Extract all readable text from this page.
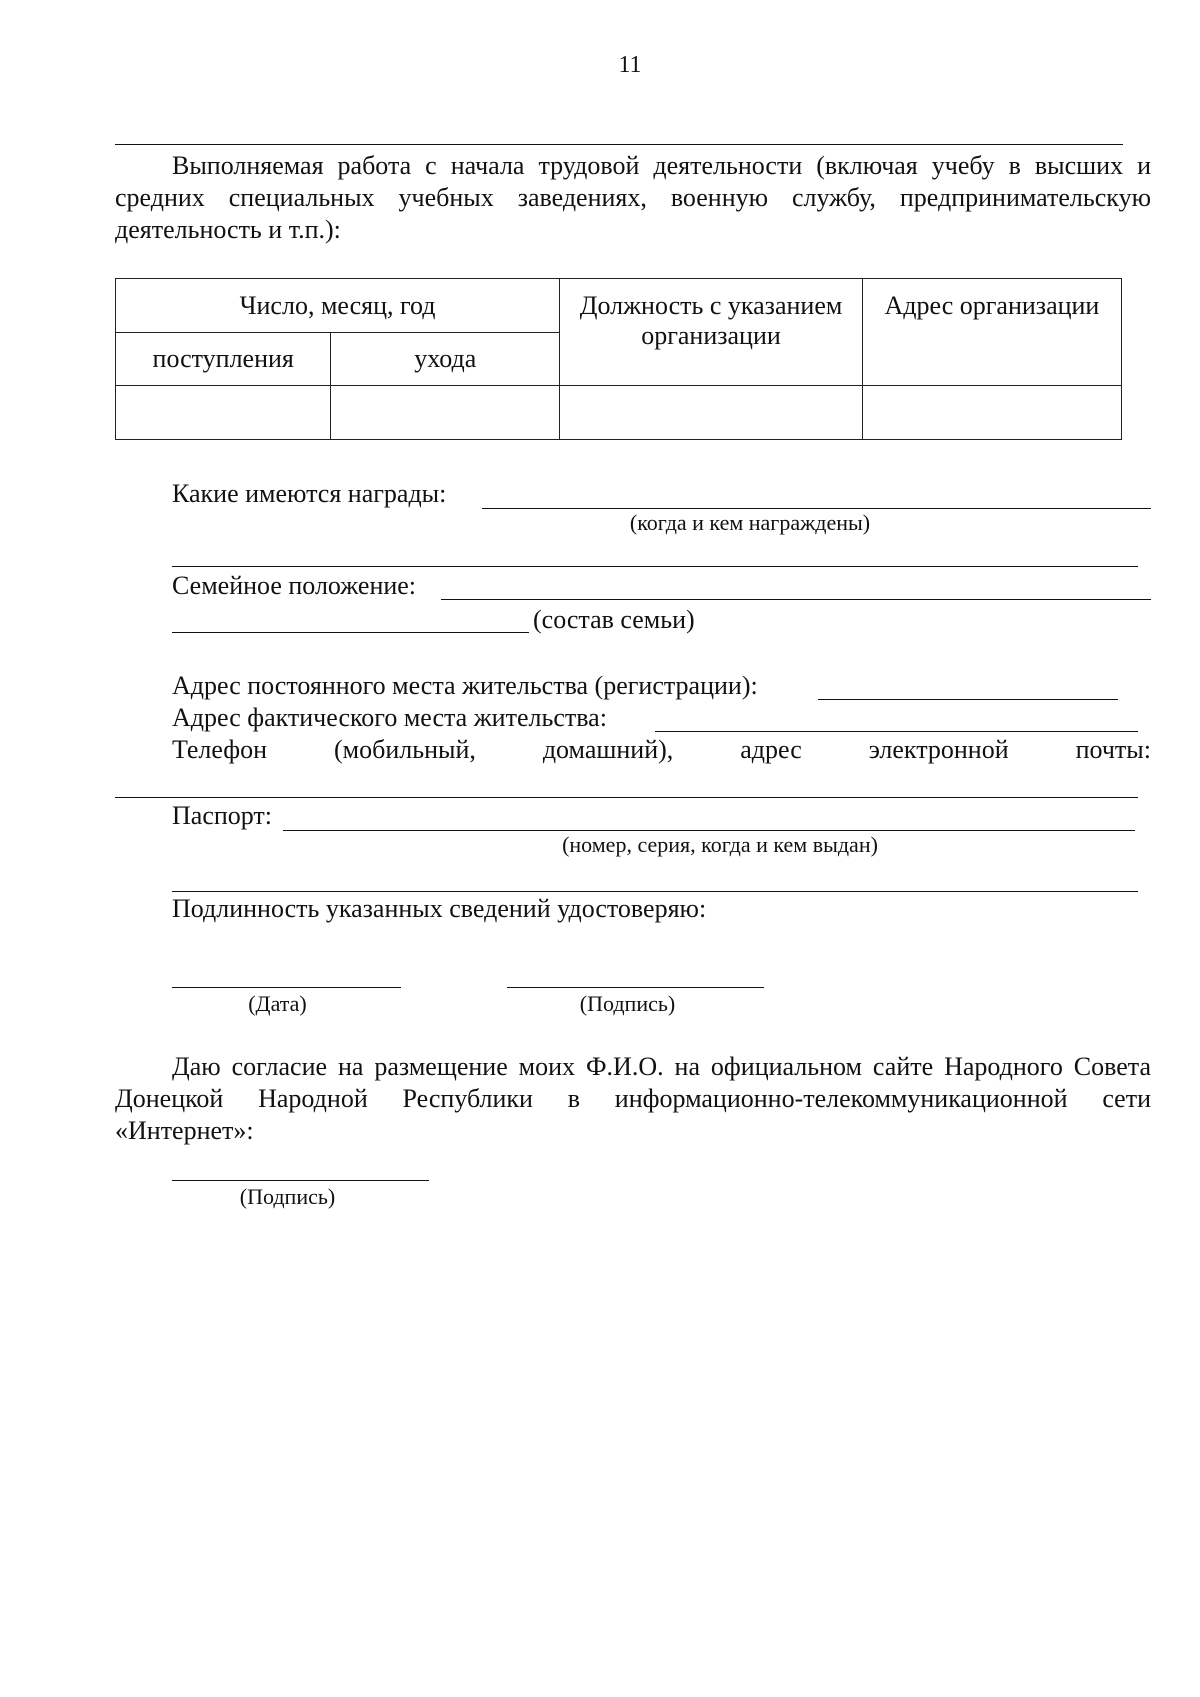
11
Выполняемая работа с начала трудовой деятельности (включая учебу в высших и средних специальных учебных заведениях, военную службу, предпринимательскую деятельность и т.п.):
Число, месяц, год		Должность с указанием организации	Адрес организации
поступления	ухода		

Какие имеются награды:
(когда и кем награждены)
Семейное положение:
(состав семьи)
Адрес постоянного места жительства (регистрации):
Адрес фактического места жительства:
Телефон	(мобильный,	домашний),	адрес	электронной	почты:
Паспорт:
(номер, серия, когда и кем выдан)
Подлинность указанных сведений удостоверяю:
(Дата)	(Подпись)
Даю согласие на размещение моих Ф.И.О. на официальном сайте Народного Совета Донецкой Народной Республики в информационно-телекоммуникационной сети «Интернет»:
(Подпись)
